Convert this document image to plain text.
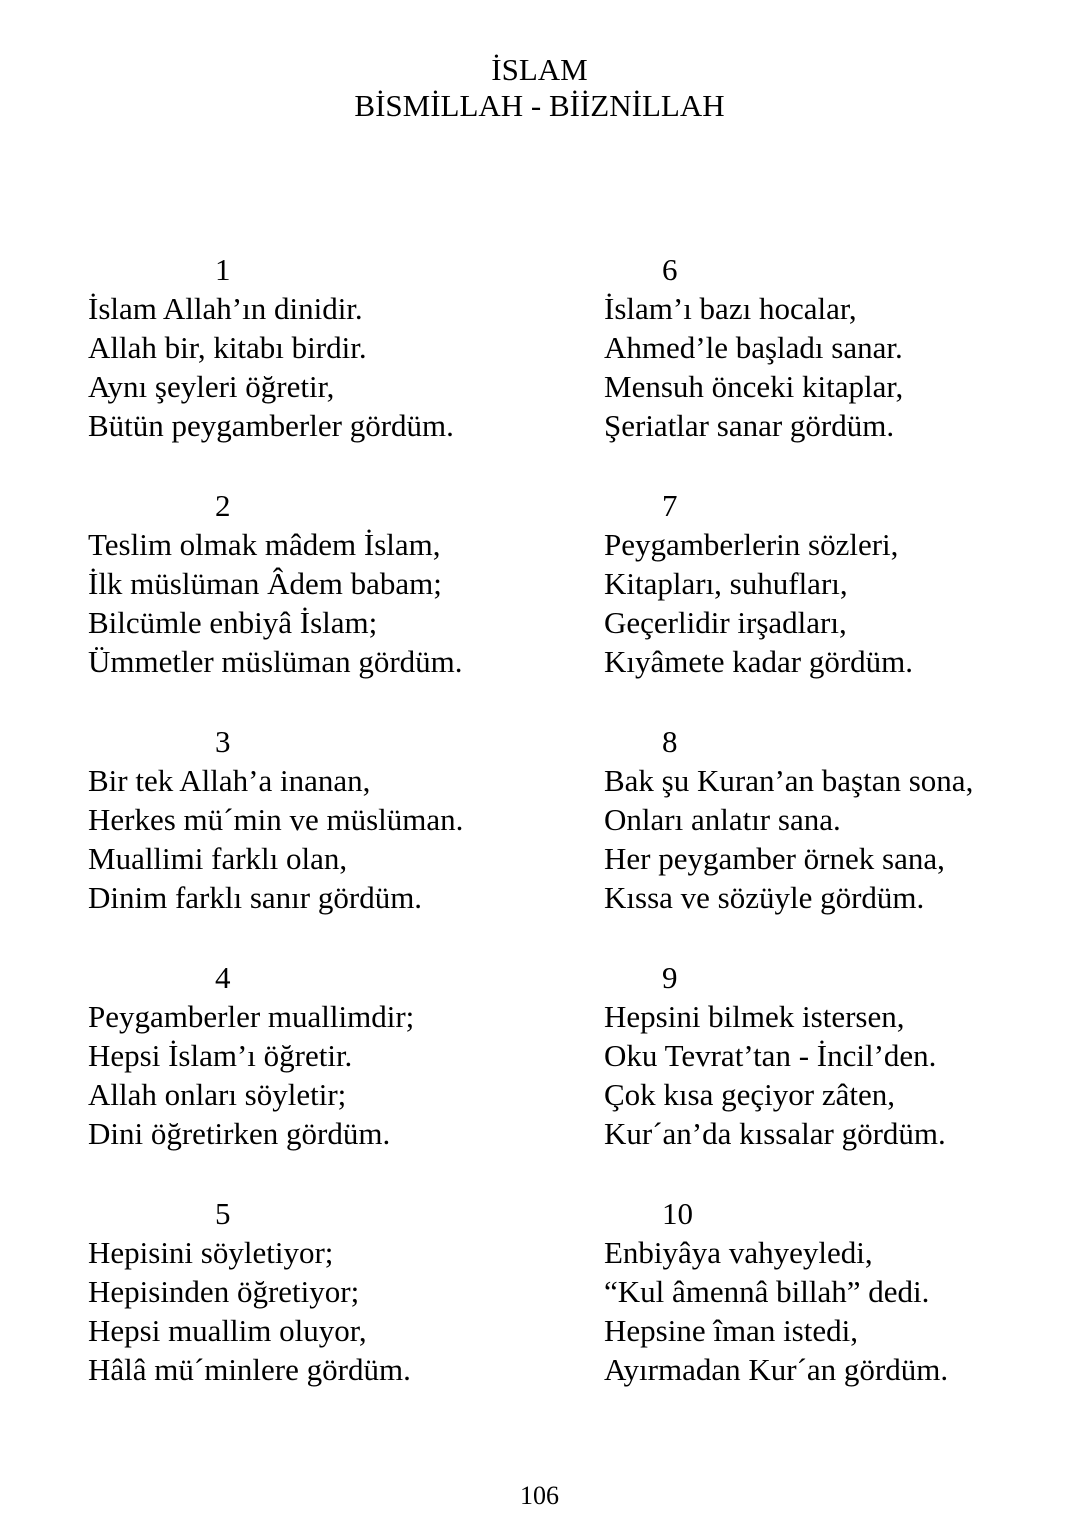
İSLAM
BİSMİLLAH - BİİZNİLLAH
1
İslam Allah’ın dinidir.
Allah bir, kitabı birdir.
Aynı şeyleri öğretir,
Bütün peygamberler gördüm.
2
Teslim olmak mâdem İslam,
İlk müslüman Âdem babam;
Bilcümle enbiyâ İslam;
Ümmetler müslüman gördüm.
3
Bir tek Allah’a inanan,
Herkes mü´min ve müslüman.
Muallimi farklı olan,
Dinim farklı sanır gördüm.
4
Peygamberler muallimdir;
Hepsi İslam’ı öğretir.
Allah onları söyletir;
Dini öğretirken gördüm.
5
Hepisini söyletiyor;
Hepisinden öğretiyor;
Hepsi muallim oluyor,
Hâlâ mü´minlere gördüm.
6
İslam’ı bazı hocalar,
Ahmed’le başladı sanar.
Mensuh önceki kitaplar,
Şeriatlar sanar gördüm.
7
Peygamberlerin sözleri,
Kitapları, suhufları,
Geçerlidir irşadları,
Kıyâmete kadar gördüm.
8
Bak şu Kuran’an baştan sona,
Onları anlatır sana.
Her peygamber örnek sana,
Kıssa ve sözüyle gördüm.
9
Hepsini bilmek istersen,
Oku Tevrat’tan - İncil’den.
Çok kısa geçiyor zâten,
Kur´an’da kıssalar gördüm.
10
Enbiyâya vahyeyledi,
“Kul âmennâ billah” dedi.
Hepsine îman istedi,
Ayırmadan Kur´an gördüm.
106
